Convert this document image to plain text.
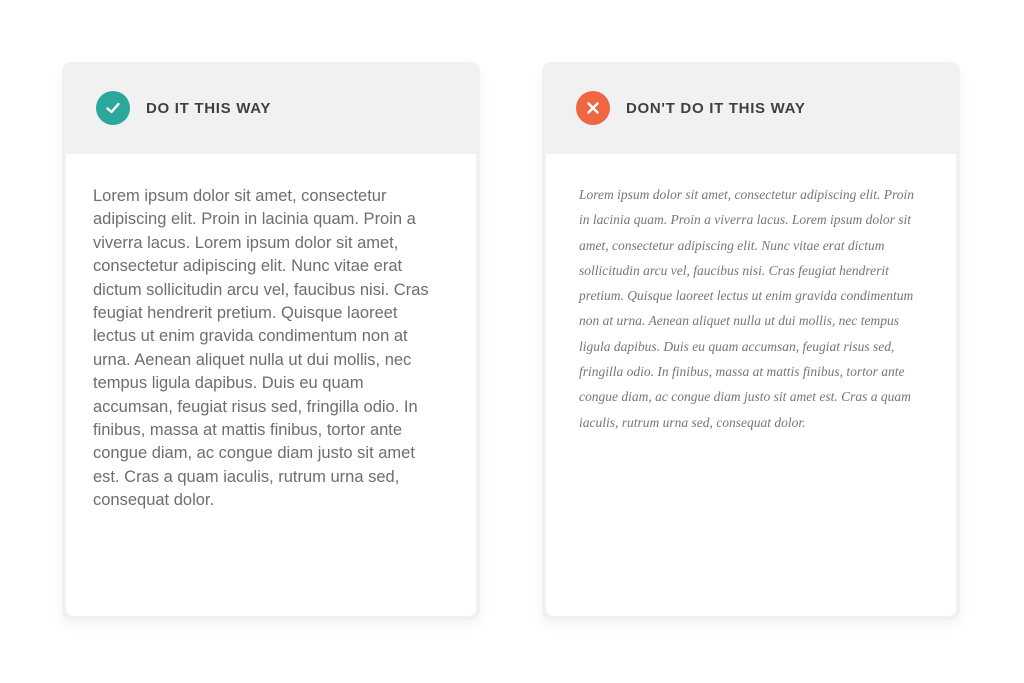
DO IT THIS WAY

Lorem ipsum dolor sit amet, consectetur adipiscing elit. Proin in lacinia quam. Proin a viverra lacus. Lorem ipsum dolor sit amet, consectetur adipiscing elit. Nunc vitae erat dictum sollicitudin arcu vel, faucibus nisi. Cras feugiat hendrerit pretium. Quisque laoreet lectus ut enim gravida condimentum non at urna. Aenean aliquet nulla ut dui mollis, nec tempus ligula dapibus. Duis eu quam accumsan, feugiat risus sed, fringilla odio. In finibus, massa at mattis finibus, tortor ante congue diam, ac congue diam justo sit amet est. Cras a quam iaculis, rutrum urna sed, consequat dolor.

DON'T DO IT THIS WAY

Lorem ipsum dolor sit amet, consectetur adipiscing elit. Proin in lacinia quam. Proin a viverra lacus. Lorem ipsum dolor sit amet, consectetur adipiscing elit. Nunc vitae erat dictum sollicitudin arcu vel, faucibus nisi. Cras feugiat hendrerit pretium. Quisque laoreet lectus ut enim gravida condimentum non at urna. Aenean aliquet nulla ut dui mollis, nec tempus ligula dapibus. Duis eu quam accumsan, feugiat risus sed, fringilla odio. In finibus, massa at mattis finibus, tortor ante congue diam, ac congue diam justo sit amet est. Cras a quam iaculis, rutrum urna sed, consequat dolor.
